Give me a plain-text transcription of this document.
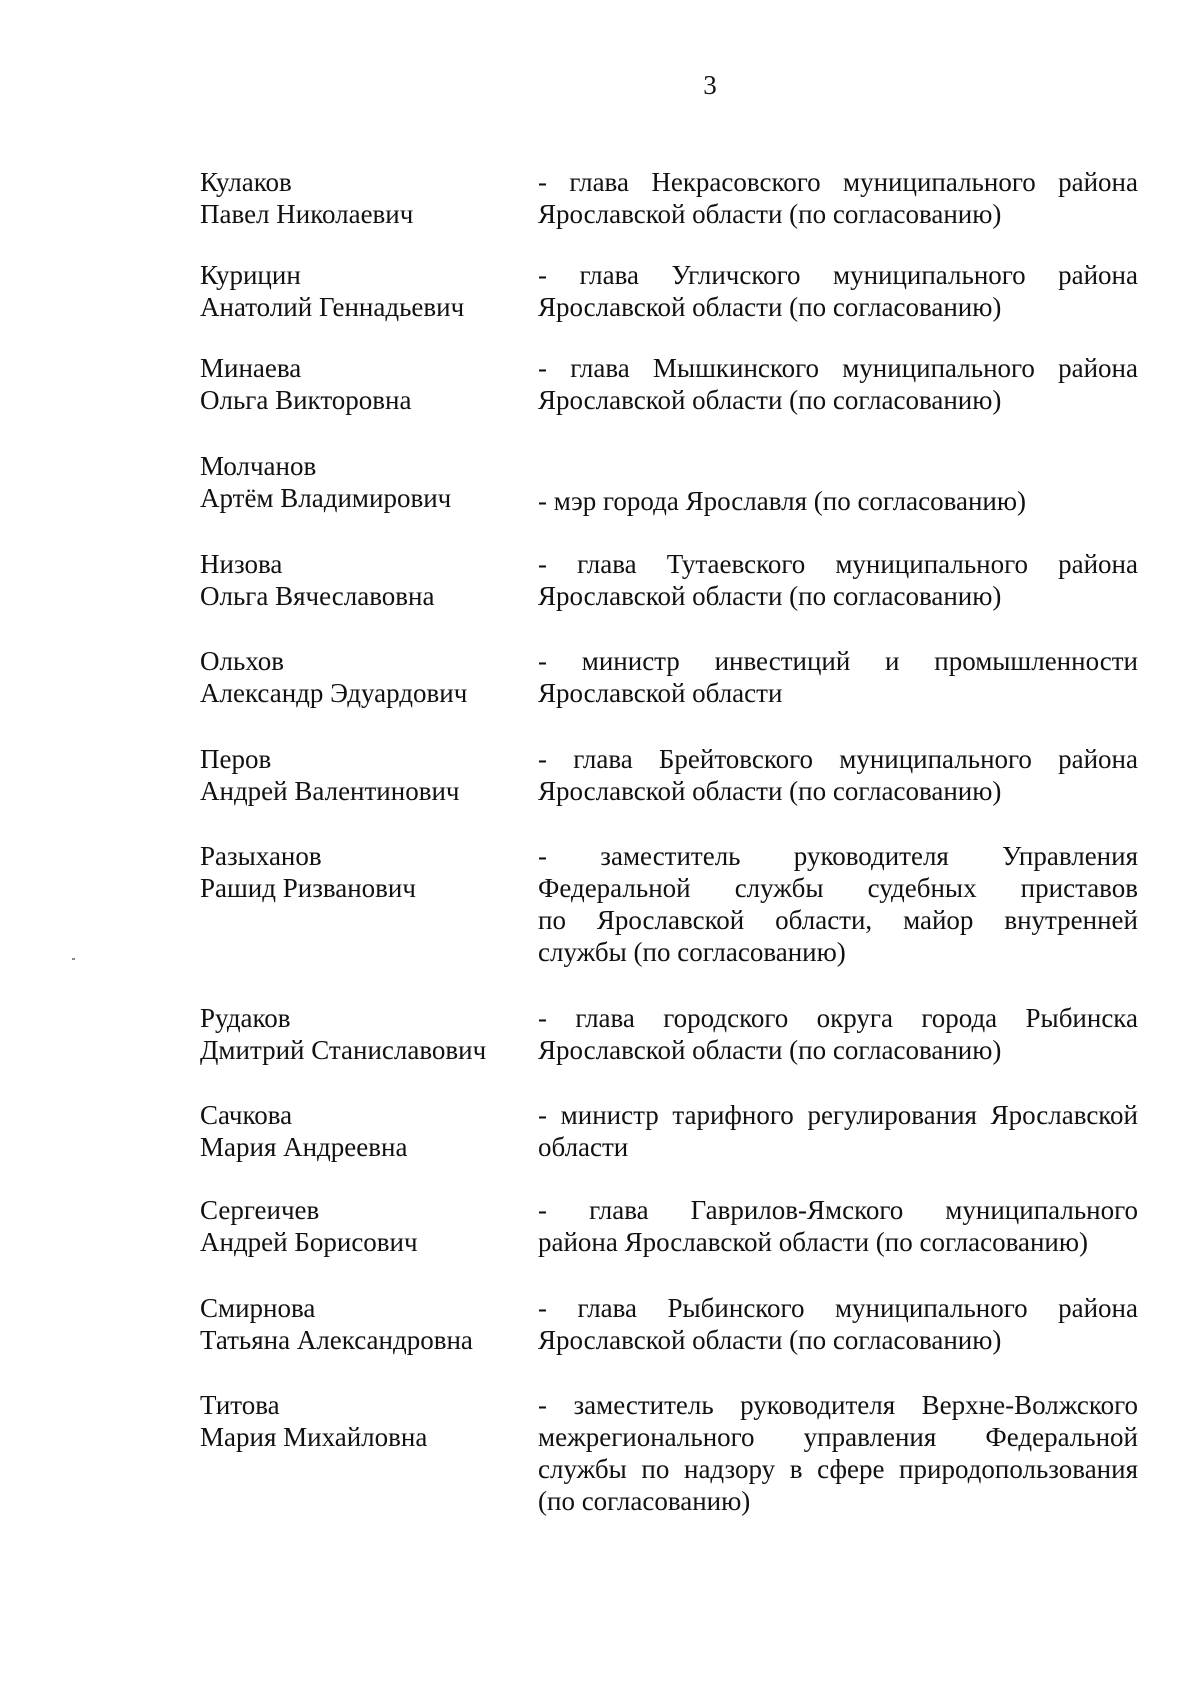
3
Кулаков
Павел Николаевич
- глава Некрасовского муниципального района
Ярославской области (по согласованию)
Курицин
Анатолий Геннадьевич
- глава Угличского муниципального района
Ярославской области (по согласованию)
Минаева
Ольга Викторовна
- глава Мышкинского муниципального района
Ярославской области (по согласованию)
Молчанов
Артём Владимирович	- мэр города Ярославля (по согласованию)
Низова
Ольга Вячеславовна
- глава Тутаевского муниципального района
Ярославской области (по согласованию)
Ольхов
Александр Эдуардович
- министр инвестиций и промышленности
Ярославской области
Перов
Андрей Валентинович
- глава Брейтовского муниципального района
Ярославской области (по согласованию)
Разыханов
Рашид Ризванович
- заместитель руководителя Управления
Федеральной службы судебных приставов
по Ярославской области, майор внутренней
службы (по согласованию)
Рудаков
Дмитрий Станиславович
- глава городского округа города Рыбинска
Ярославской области (по согласованию)
Сачкова
Мария Андреевна
- министр тарифного регулирования Ярославской
области
Сергеичев
Андрей Борисович
- глава Гаврилов-Ямского муниципального
района Ярославской области (по согласованию)
Смирнова
Татьяна Александровна
- глава Рыбинского муниципального района
Ярославской области (по согласованию)
Титова
Мария Михайловна
- заместитель руководителя Верхне-Волжского
межрегионального управления Федеральной
службы по надзору в сфере природопользования
(по согласованию)
